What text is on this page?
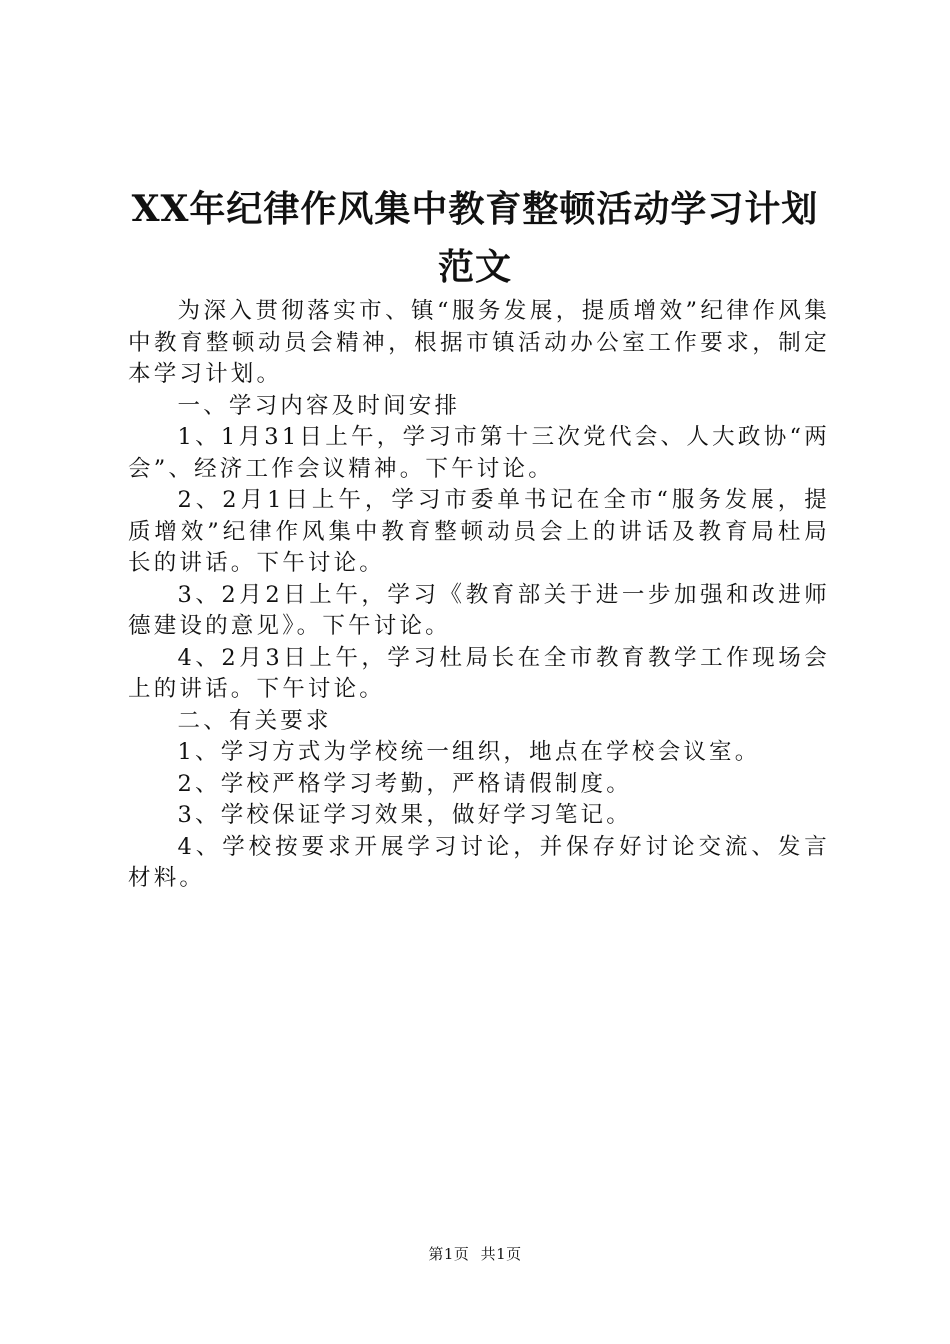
XX年纪律作风集中教育整顿活动学习计划范文

为深入贯彻落实市、镇“服务发展，提质增效”纪律作风集中教育整顿动员会精神，根据市镇活动办公室工作要求，制定本学习计划。

一、学习内容及时间安排

1、1月31日上午，学习市第十三次党代会、人大政协“两会”、经济工作会议精神。下午讨论。

2、2月1日上午，学习市委单书记在全市“服务发展，提质增效”纪律作风集中教育整顿动员会上的讲话及教育局杜局长的讲话。下午讨论。

3、2月2日上午，学习《教育部关于进一步加强和改进师德建设的意见》。下午讨论。

4、2月3日上午，学习杜局长在全市教育教学工作现场会上的讲话。下午讨论。

二、有关要求

1、学习方式为学校统一组织，地点在学校会议室。

2、学校严格学习考勤，严格请假制度。

3、学校保证学习效果，做好学习笔记。

4、学校按要求开展学习讨论，并保存好讨论交流、发言材料。

第1页 共1页
